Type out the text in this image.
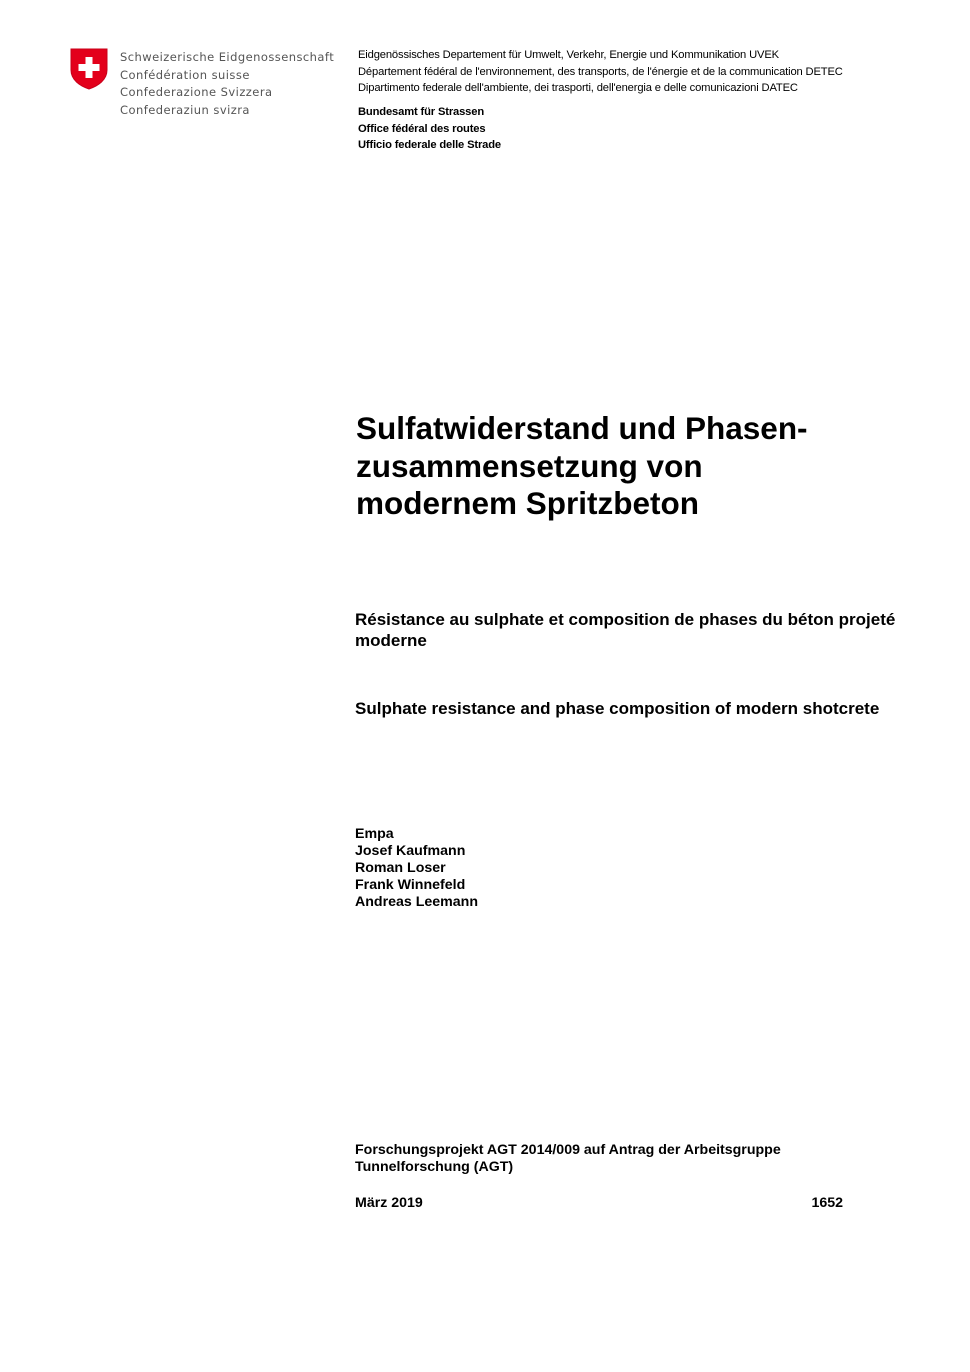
Schweizerische Eidgenossenschaft
Confédération suisse
Confederazione Svizzera
Confederaziun svizra
Eidgenössisches Departement für Umwelt, Verkehr, Energie und Kommunikation UVEK
Département fédéral de l'environnement, des transports, de l'énergie et de la communication DETEC
Dipartimento federale dell'ambiente, dei trasporti, dell'energia e delle comunicazioni DATEC
Bundesamt für Strassen
Office fédéral des routes
Ufficio federale delle Strade
Sulfatwiderstand und Phasen-
zusammensetzung von
modernem Spritzbeton
Résistance au sulphate et composition de phases du béton projeté moderne
Sulphate resistance and phase composition of modern shotcrete
Empa
Josef Kaufmann
Roman Loser
Frank Winnefeld
Andreas Leemann
Forschungsprojekt AGT 2014/009 auf Antrag der Arbeitsgruppe Tunnelforschung (AGT)
März 2019	1652
